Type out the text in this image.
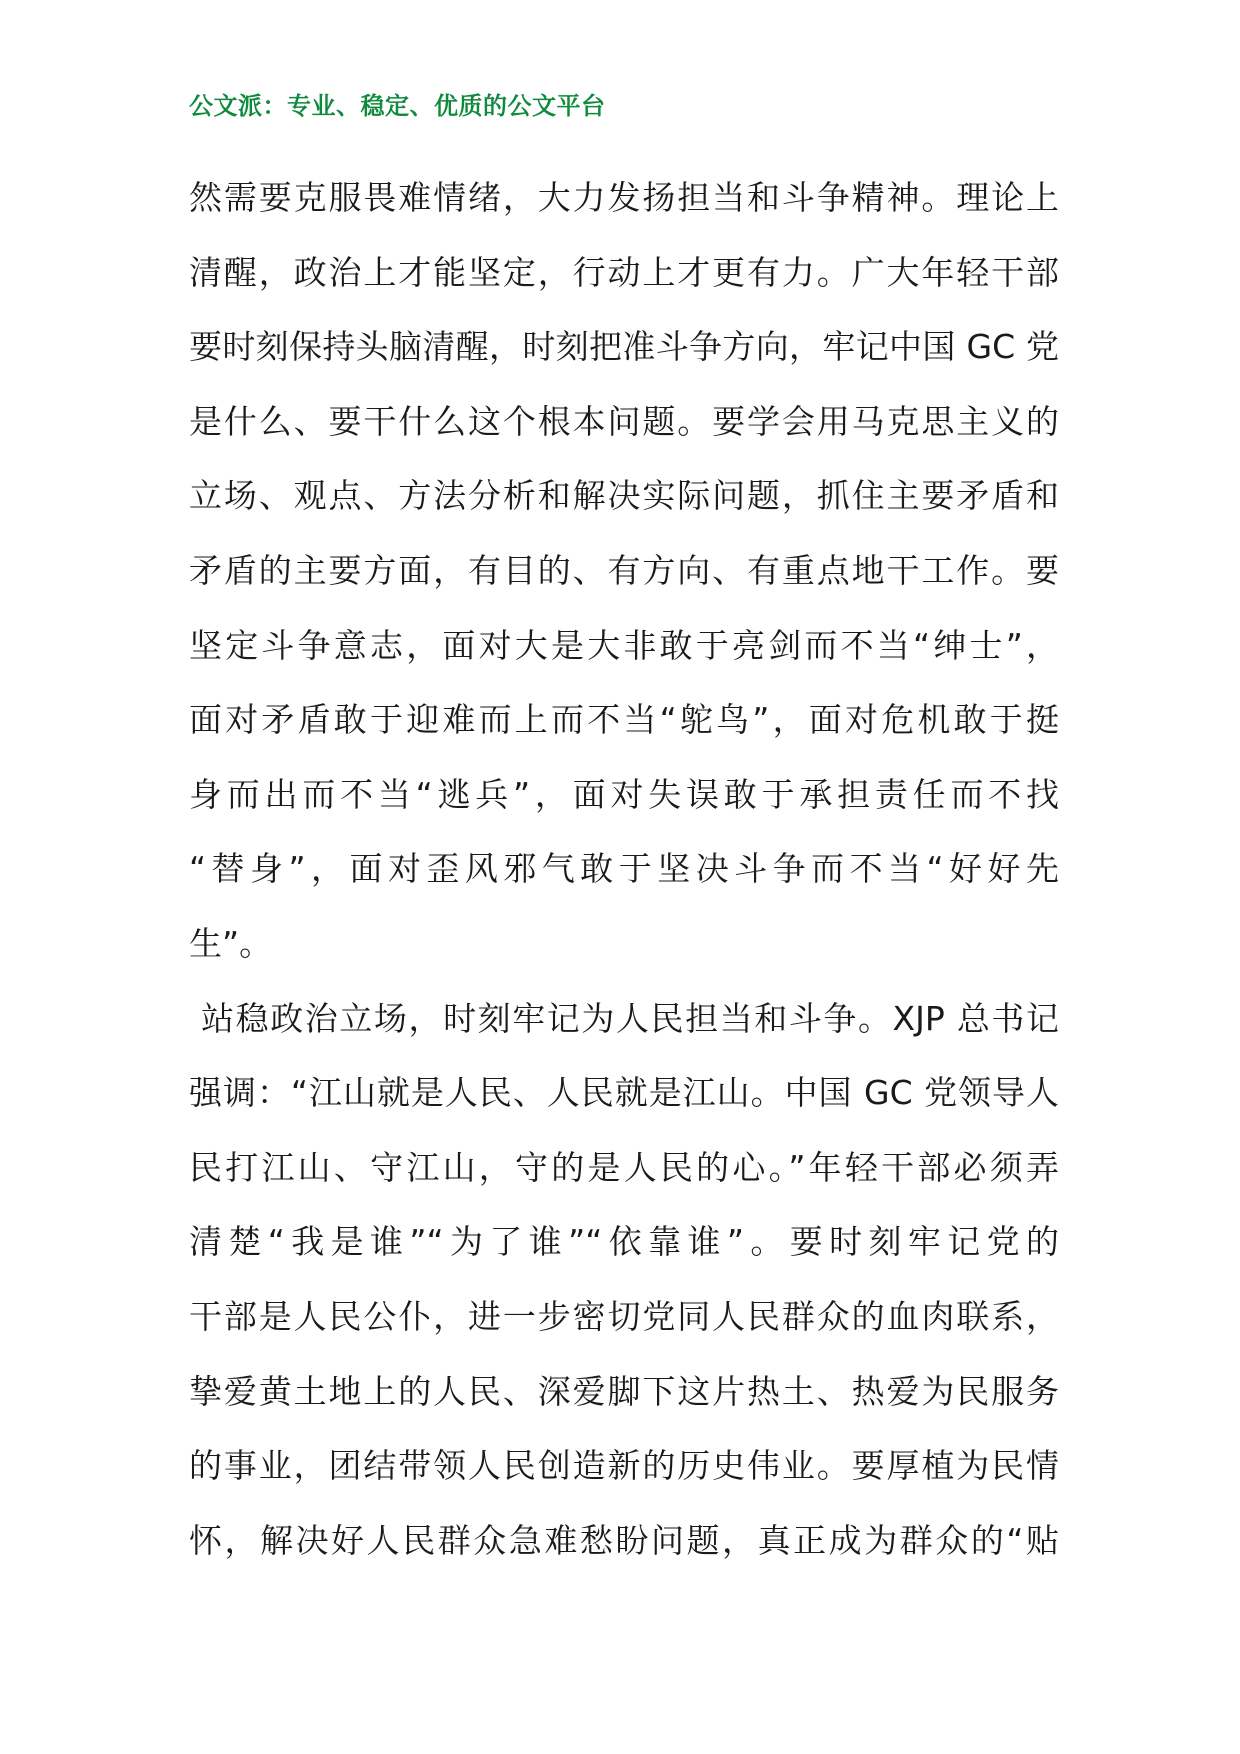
公文派：专业、稳定、优质的公文平台
然需要克服畏难情绪，大力发扬担当和斗争精神。理论上
清醒，政治上才能坚定，行动上才更有力。广大年轻干部
要时刻保持头脑清醒，时刻把准斗争方向，牢记中国 GC 党
是什么、要干什么这个根本问题。要学会用马克思主义的
立场、观点、方法分析和解决实际问题，抓住主要矛盾和
矛盾的主要方面，有目的、有方向、有重点地干工作。要
坚定斗争意志，面对大是大非敢于亮剑而不当“绅士”，
面对矛盾敢于迎难而上而不当“鸵鸟”，面对危机敢于挺
身而出而不当“逃兵”，面对失误敢于承担责任而不找
“替身”，面对歪风邪气敢于坚决斗争而不当“好好先
生”。
站稳政治立场，时刻牢记为人民担当和斗争。XJP 总书记
强调：“江山就是人民、人民就是江山。中国 GC 党领导人
民打江山、守江山，守的是人民的心。”年轻干部必须弄
清楚“我是谁”“为了谁”“依靠谁”。要时刻牢记党的
干部是人民公仆，进一步密切党同人民群众的血肉联系，
挚爱黄土地上的人民、深爱脚下这片热土、热爱为民服务
的事业，团结带领人民创造新的历史伟业。要厚植为民情
怀，解决好人民群众急难愁盼问题，真正成为群众的“贴
